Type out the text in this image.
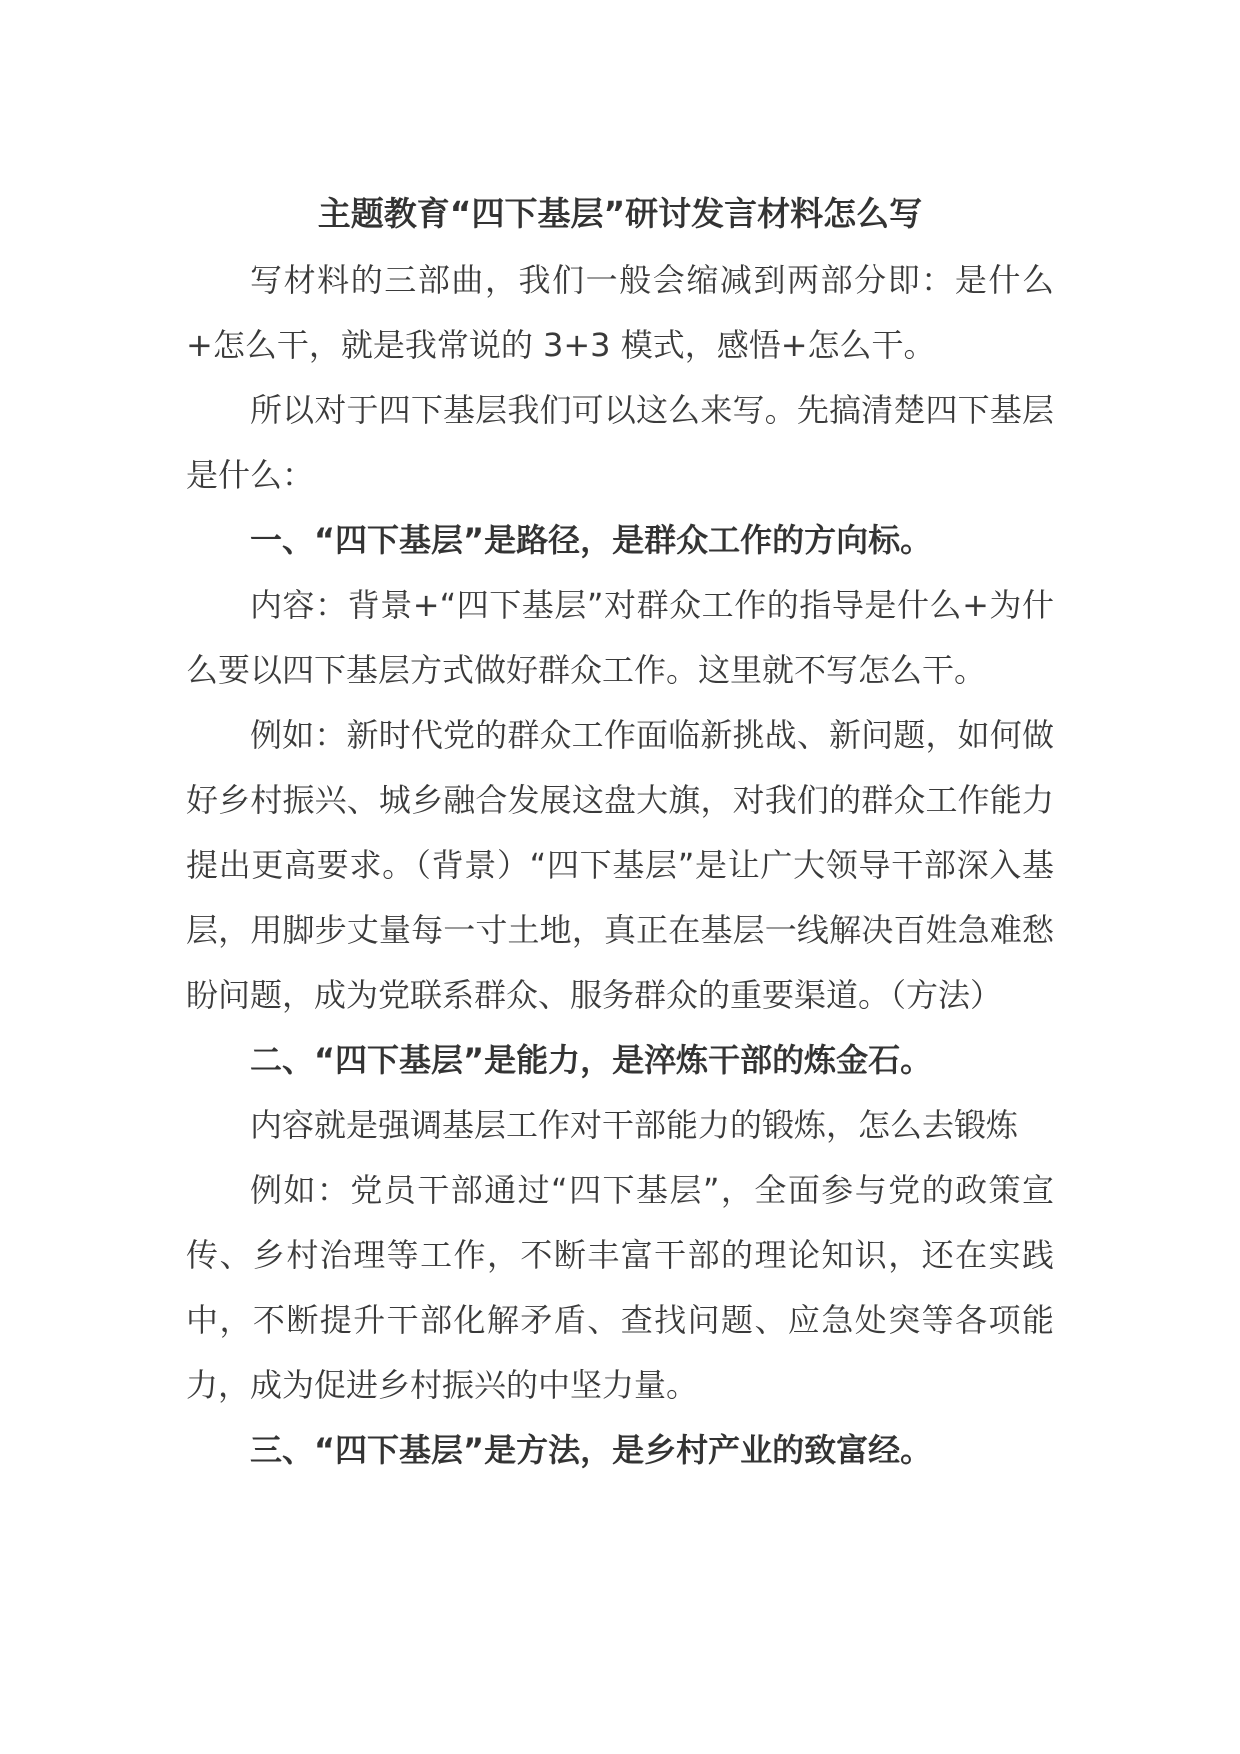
主题教育“四下基层”研讨发言材料怎么写

写材料的三部曲，我们一般会缩减到两部分即：是什么+怎么干，就是我常说的 3+3 模式，感悟+怎么干。

所以对于四下基层我们可以这么来写。先搞清楚四下基层是什么：

一、“四下基层”是路径，是群众工作的方向标。

内容：背景+“四下基层”对群众工作的指导是什么+为什么要以四下基层方式做好群众工作。这里就不写怎么干。

例如：新时代党的群众工作面临新挑战、新问题，如何做好乡村振兴、城乡融合发展这盘大旗，对我们的群众工作能力提出更高要求。（背景）“四下基层”是让广大领导干部深入基层，用脚步丈量每一寸土地，真正在基层一线解决百姓急难愁盼问题，成为党联系群众、服务群众的重要渠道。（方法）

二、“四下基层”是能力，是淬炼干部的炼金石。

内容就是强调基层工作对干部能力的锻炼，怎么去锻炼

例如：党员干部通过“四下基层”，全面参与党的政策宣传、乡村治理等工作，不断丰富干部的理论知识，还在实践中，不断提升干部化解矛盾、查找问题、应急处突等各项能力，成为促进乡村振兴的中坚力量。

三、“四下基层”是方法，是乡村产业的致富经。
